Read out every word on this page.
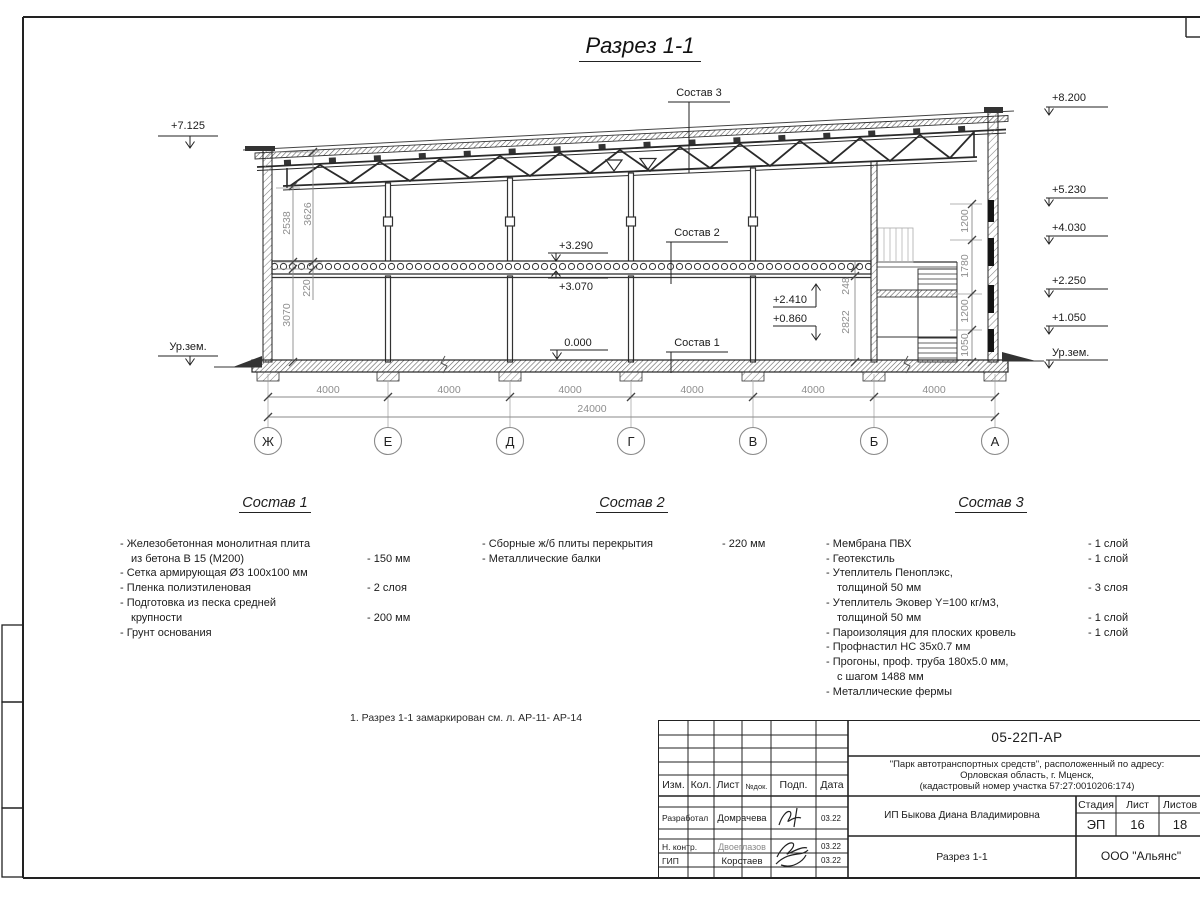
Разрез 1-1
+7.125
Ур.зем.
+8.200
+5.230
+4.030
+2.250
+1.050
Ур.зем.
+3.290
+3.070
0.000
+2.410
+0.860
Состав 3
Состав 2
Состав 1
2538 3626
220
3070
1200
1780
1200
1050
248
2822
4000	4000	4000	4000	4000	4000
24000
Ж	Е	Д	Г	В	Б	А
Состав 1
- Железобетонная монолитная плита
из бетона В 15 (М200)	- 150 мм
- Сетка армирующая Ø3 100х100 мм
- Пленка полиэтиленовая	- 2 слоя
- Подготовка из песка средней
крупности	- 200 мм
- Грунт основания
Состав 2
- Сборные ж/б плиты перекрытия	- 220 мм
- Металлические балки
Состав 3
- Мембрана ПВХ	- 1 слой
- Геотекстиль	- 1 слой
- Утеплитель Пеноплэкс,
толщиной 50 мм	- 3 слоя
- Утеплитель Эковер Y=100 кг/м3,
толщиной 50 мм	- 1 слой
- Пароизоляция для плоских кровель	- 1 слой
- Профнастил НС 35х0.7 мм
- Прогоны, проф. труба 180х5.0 мм,
с шагом 1488 мм
- Металлические фермы
1. Разрез 1-1 замаркирован см. л. АР-11- АР-14
Изм. Кол. Лист №док.	Подп.	Дата
Разработал Домрачева	03.22
Н. контр.	Двоеглазов	03.22
ГИП	Коротаев	03.22
05-22П-АР
"Парк автотранспортных средств", расположенный по адресу:
Орловская область, г. Мценск,
(кадастровый номер участка 57:27:0010206:174)
ИП Быкова Диана Владимировна
Стадия	Лист	Листов
ЭП	16	18
Разрез 1-1	ООО "Альянс"
